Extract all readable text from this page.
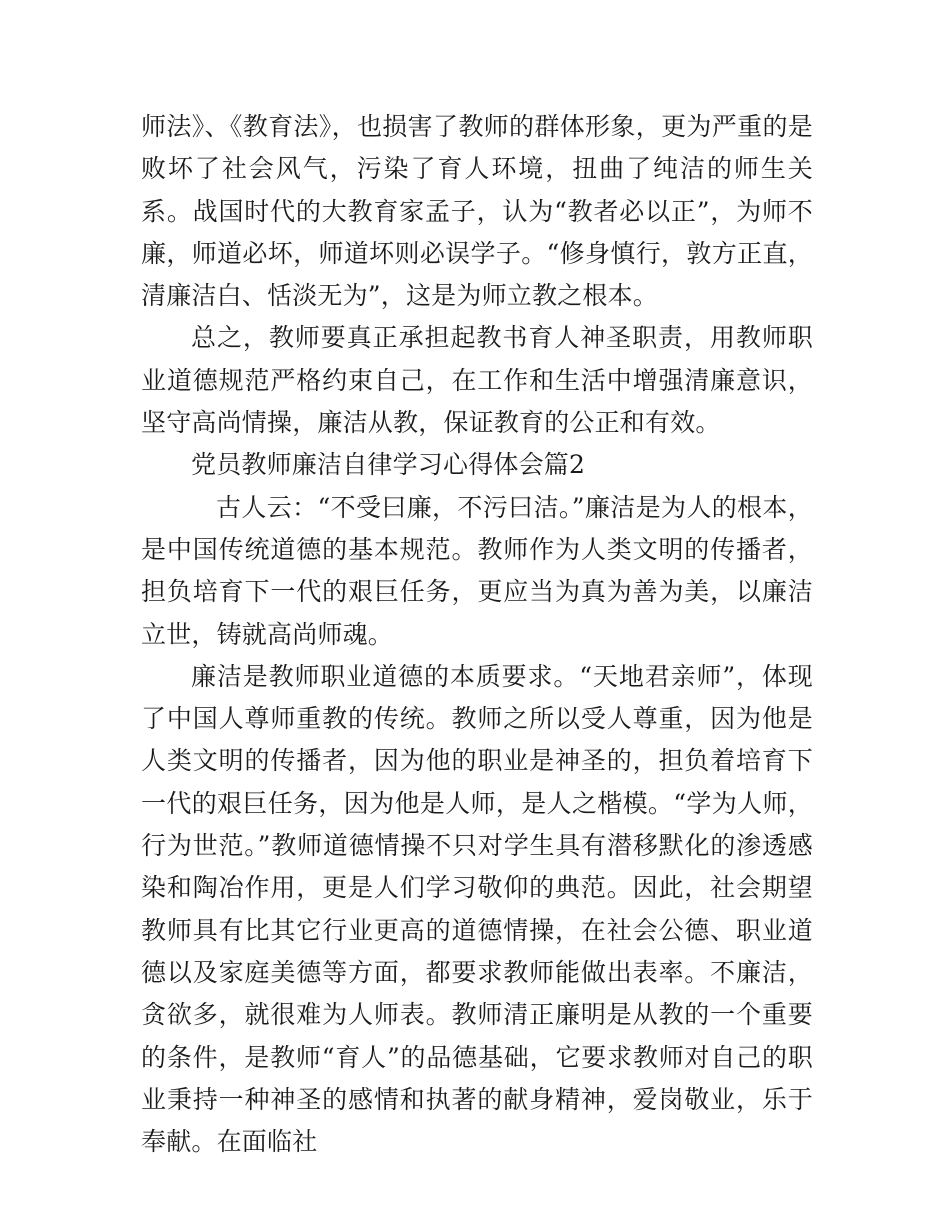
师法》、《教育法》，也损害了教师的群体形象，更为严重的是败坏了社会风气，污染了育人环境，扭曲了纯洁的师生关系。战国时代的大教育家孟子，认为“教者必以正”，为师不廉，师道必坏，师道坏则必误学子。“修身慎行，敦方正直，清廉洁白、恬淡无为”，这是为师立教之根本。

总之，教师要真正承担起教书育人神圣职责，用教师职业道德规范严格约束自己，在工作和生活中增强清廉意识，坚守高尚情操，廉洁从教，保证教育的公正和有效。

党员教师廉洁自律学习心得体会篇2

古人云：“不受曰廉，不污曰洁。”廉洁是为人的根本，是中国传统道德的基本规范。教师作为人类文明的传播者，担负培育下一代的艰巨任务，更应当为真为善为美，以廉洁立世，铸就高尚师魂。

廉洁是教师职业道德的本质要求。“天地君亲师”，体现了中国人尊师重教的传统。教师之所以受人尊重，因为他是人类文明的传播者，因为他的职业是神圣的，担负着培育下一代的艰巨任务，因为他是人师，是人之楷模。“学为人师，行为世范。”教师道德情操不只对学生具有潜移默化的渗透感染和陶冶作用，更是人们学习敬仰的典范。因此，社会期望教师具有比其它行业更高的道德情操，在社会公德、职业道德以及家庭美德等方面，都要求教师能做出表率。不廉洁，贪欲多，就很难为人师表。教师清正廉明是从教的一个重要的条件，是教师“育人”的品德基础，它要求教师对自己的职业秉持一种神圣的感情和执著的献身精神，爱岗敬业，乐于奉献。在面临社
